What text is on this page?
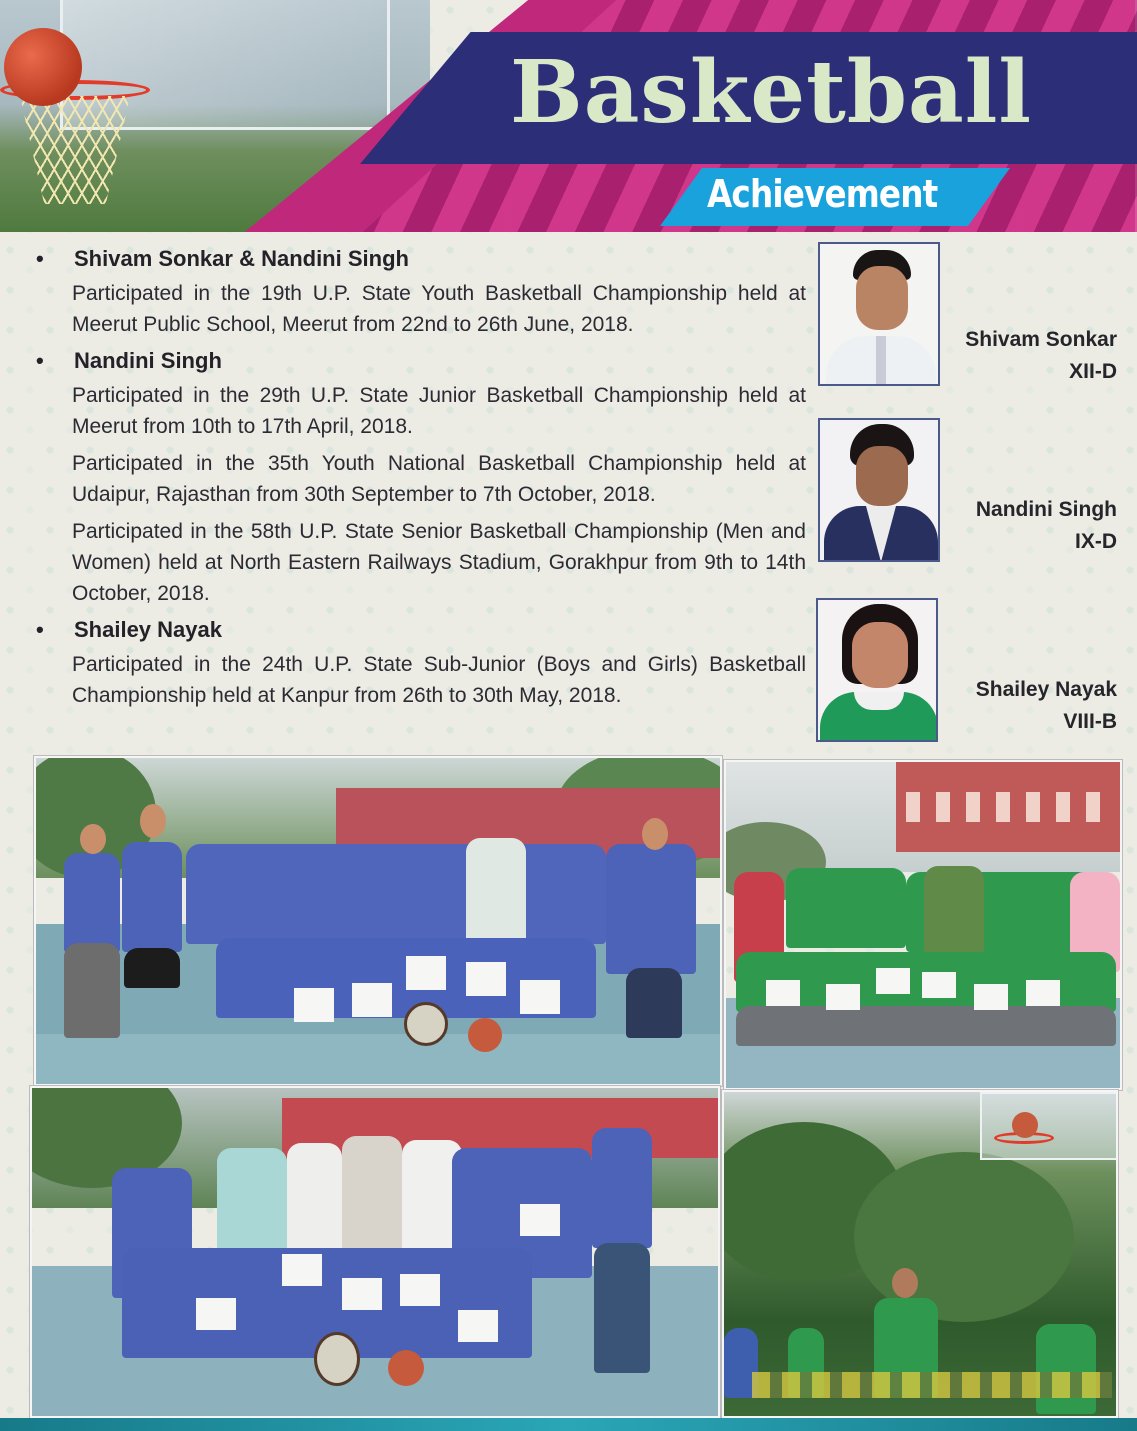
Basketball
Achievement
•	Shivam Sonkar & Nandini Singh

Participated in the 19th U.P. State Youth Basketball Championship held at Meerut Public School, Meerut from 22nd to 26th June, 2018.

•	Nandini Singh

Participated in the 29th U.P. State Junior Basketball Championship held at Meerut from 10th to 17th April, 2018.

Participated in the 35th Youth National Basketball Championship held at Udaipur, Rajasthan from 30th September to 7th October, 2018.

Participated in the 58th U.P. State Senior Basketball Championship (Men and Women) held at North Eastern Railways Stadium, Gorakhpur from 9th to 14th October, 2018.

•	Shailey Nayak

Participated in the 24th U.P. State Sub-Junior (Boys and Girls) Basketball Championship held at Kanpur from 26th to 30th May, 2018.

Shivam Sonkar
XII-D
Nandini Singh
IX-D
Shailey Nayak
VIII-B
